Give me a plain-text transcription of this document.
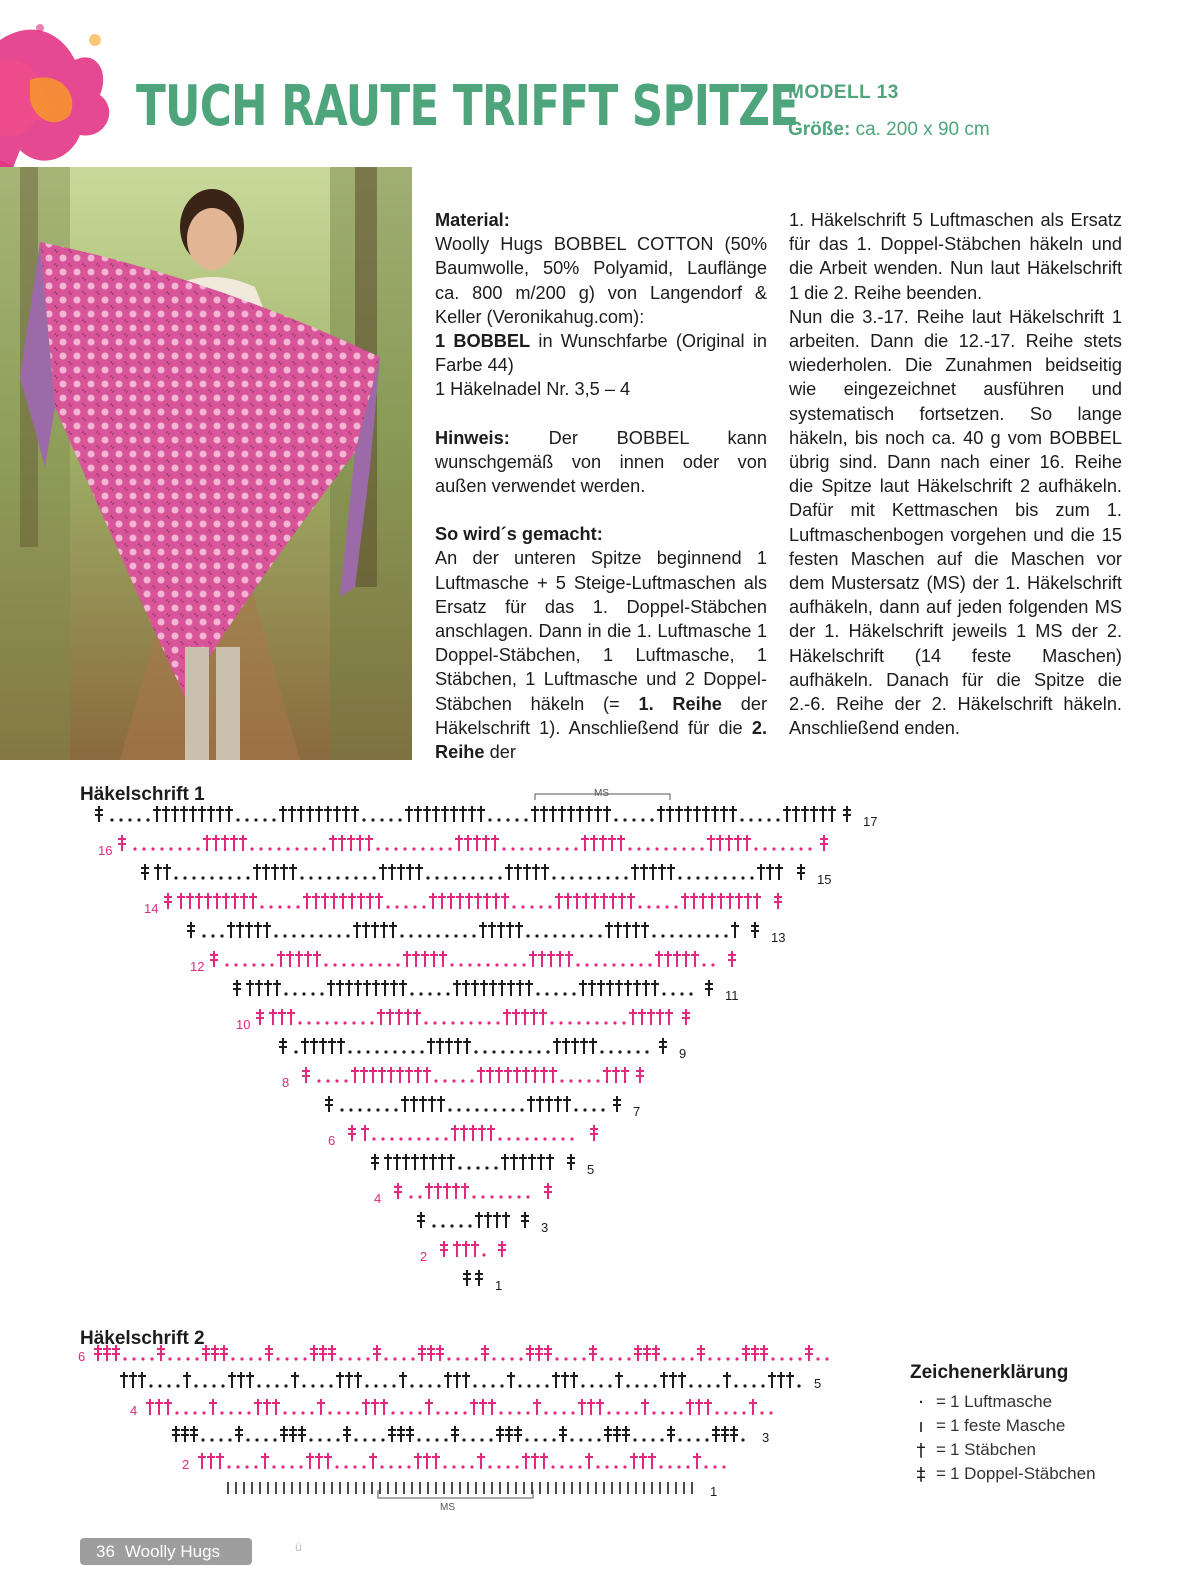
TUCH RAUTE TRIFFT SPITZE
MODELL 13
Größe: ca. 200 x 90 cm

Material:

Woolly Hugs BOBBEL COTTON (50% Baumwolle, 50% Polyamid, Lauflänge ca. 800 m/200 g) von Langendorf & Keller (Veronikahug.com):

1 BOBBEL in Wunschfarbe (Original in Farbe 44)

1 Häkelnadel Nr. 3,5 – 4

Hinweis: Der BOBBEL kann wunschgemäß von innen oder von außen verwendet werden.

So wird´s gemacht:

An der unteren Spitze beginnend 1 Luftmasche + 5 Steige-Luftmaschen als Ersatz für das 1. Doppel-Stäbchen anschlagen. Dann in die 1. Luftmasche 1 Doppel-Stäbchen, 1 Luftmasche, 1 Stäbchen, 1 Luftmasche und 2 Doppel-Stäbchen häkeln (= 1. Reihe der Häkelschrift 1). Anschließend für die 2. Reihe der

1. Häkelschrift 5 Luftmaschen als Ersatz für das 1. Doppel-Stäbchen häkeln und die Arbeit wenden. Nun laut Häkelschrift 1 die 2. Reihe beenden.

Nun die 3.-17. Reihe laut Häkelschrift 1 arbeiten. Dann die 12.-17. Reihe stets wiederholen. Die Zunahmen beidseitig wie eingezeichnet ausführen und systematisch fortsetzen. So lange häkeln, bis noch ca. 40 g vom BOBBEL übrig sind. Dann nach einer 16. Reihe die Spitze laut Häkelschrift 2 aufhäkeln. Dafür mit Kettmaschen bis zum 1. Luftmaschenbogen vorgehen und die 15 festen Maschen auf die Maschen vor dem Mustersatz (MS) der 1. Häkelschrift aufhäkeln, dann auf jeden folgenden MS der 1. Häkelschrift jeweils 1 MS der 2. Häkelschrift (14 feste Maschen) aufhäkeln. Danach für die Spitze die 2.-6. Reihe der 2. Häkelschrift häkeln. Anschließend enden.

Häkelschrift 1
1
2
3
4
5
6
7
8
9
10
11
12
13
14
15
16
17
MS
Häkelschrift 2
1
2
3
4
5
6
MS
Zeichenerklärung
· = 1 Luftmasche
ı = 1 feste Masche
† = 1 Stäbchen
‡ = 1 Doppel-Stäbchen
36 Woolly Hugs	ü
